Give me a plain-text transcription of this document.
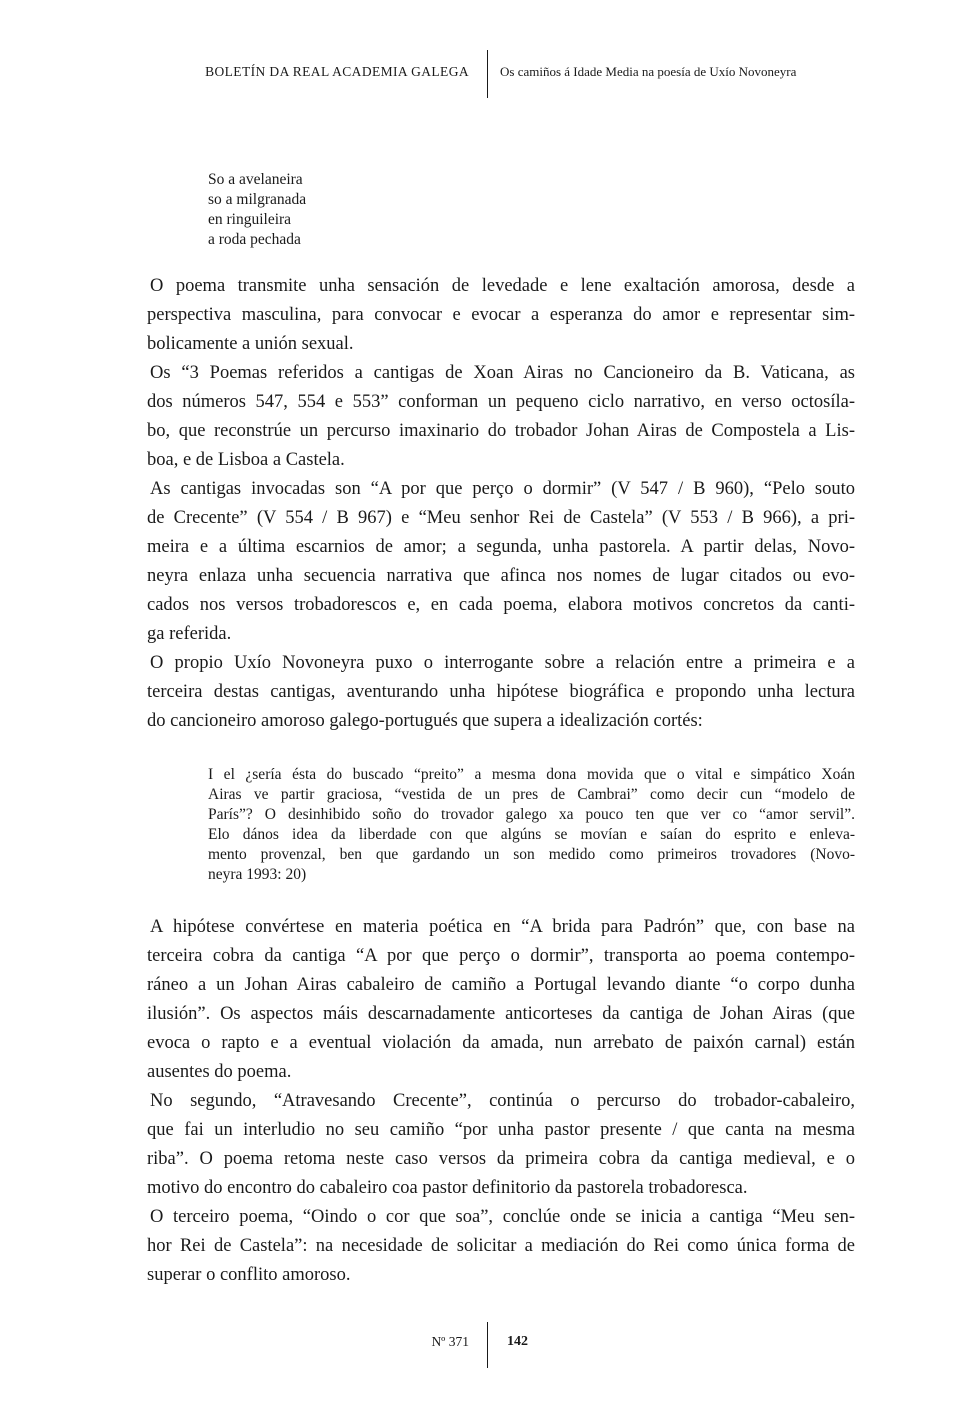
BOLETÍN DA REAL ACADEMIA GALEGA Os camiños á Idade Media na poesía de Uxío Novoneyra
So a avelaneira
so a milgranada
en ringuileira
a roda pechada
O poema transmite unha sensación de levedade e lene exaltación amorosa, desde a
perspectiva masculina, para convocar e evocar a esperanza do amor e representar sim-
bolicamente a unión sexual.
Os “3 Poemas referidos a cantigas de Xoan Airas no Cancioneiro da B. Vaticana, as
dos números 547, 554 e 553” conforman un pequeno ciclo narrativo, en verso octosíla-
bo, que reconstrúe un percurso imaxinario do trobador Johan Airas de Compostela a Lis-
boa, e de Lisboa a Castela.
As cantigas invocadas son “A por que perço o dormir” (V 547 / B 960), “Pelo souto
de Crecente” (V 554 / B 967) e “Meu senhor Rei de Castela” (V 553 / B 966), a pri-
meira e a última escarnios de amor; a segunda, unha pastorela. A partir delas, Novo-
neyra enlaza unha secuencia narrativa que afinca nos nomes de lugar citados ou evo-
cados nos versos trobadorescos e, en cada poema, elabora motivos concretos da canti-
ga referida.
O propio Uxío Novoneyra puxo o interrogante sobre a relación entre a primeira e a
terceira destas cantigas, aventurando unha hipótese biográfica e propondo unha lectura
do cancioneiro amoroso galego-portugués que supera a idealización cortés:
I el ¿sería ésta do buscado “preito” a mesma dona movida que o vital e simpático Xoán
Airas ve partir graciosa, “vestida de un pres de Cambrai” como decir cun “modelo de
París”? O desinhibido soño do trovador galego xa pouco ten que ver co “amor servil”.
Elo dános idea da liberdade con que algúns se movían e saían do esprito e enleva-
mento provenzal, ben que gardando un son medido como primeiros trovadores (Novo-
neyra 1993: 20)
A hipótese convértese en materia poética en “A brida para Padrón” que, con base na
terceira cobra da cantiga “A por que perço o dormir”, transporta ao poema contempo-
ráneo a un Johan Airas cabaleiro de camiño a Portugal levando diante “o corpo dunha
ilusión”. Os aspectos máis descarnadamente anticorteses da cantiga de Johan Airas (que
evoca o rapto e a eventual violación da amada, nun arrebato de paixón carnal) están
ausentes do poema.
No segundo, “Atravesando Crecente”, continúa o percurso do trobador-cabaleiro,
que fai un interludio no seu camiño “por unha pastor presente / que canta na mesma
riba”. O poema retoma neste caso versos da primeira cobra da cantiga medieval, e o
motivo do encontro do cabaleiro coa pastor definitorio da pastorela trobadoresca.
O terceiro poema, “Oindo o cor que soa”, conclúe onde se inicia a cantiga “Meu sen-
hor Rei de Castela”: na necesidade de solicitar a mediación do Rei como única forma de
superar o conflito amoroso.
Nº 371	142
